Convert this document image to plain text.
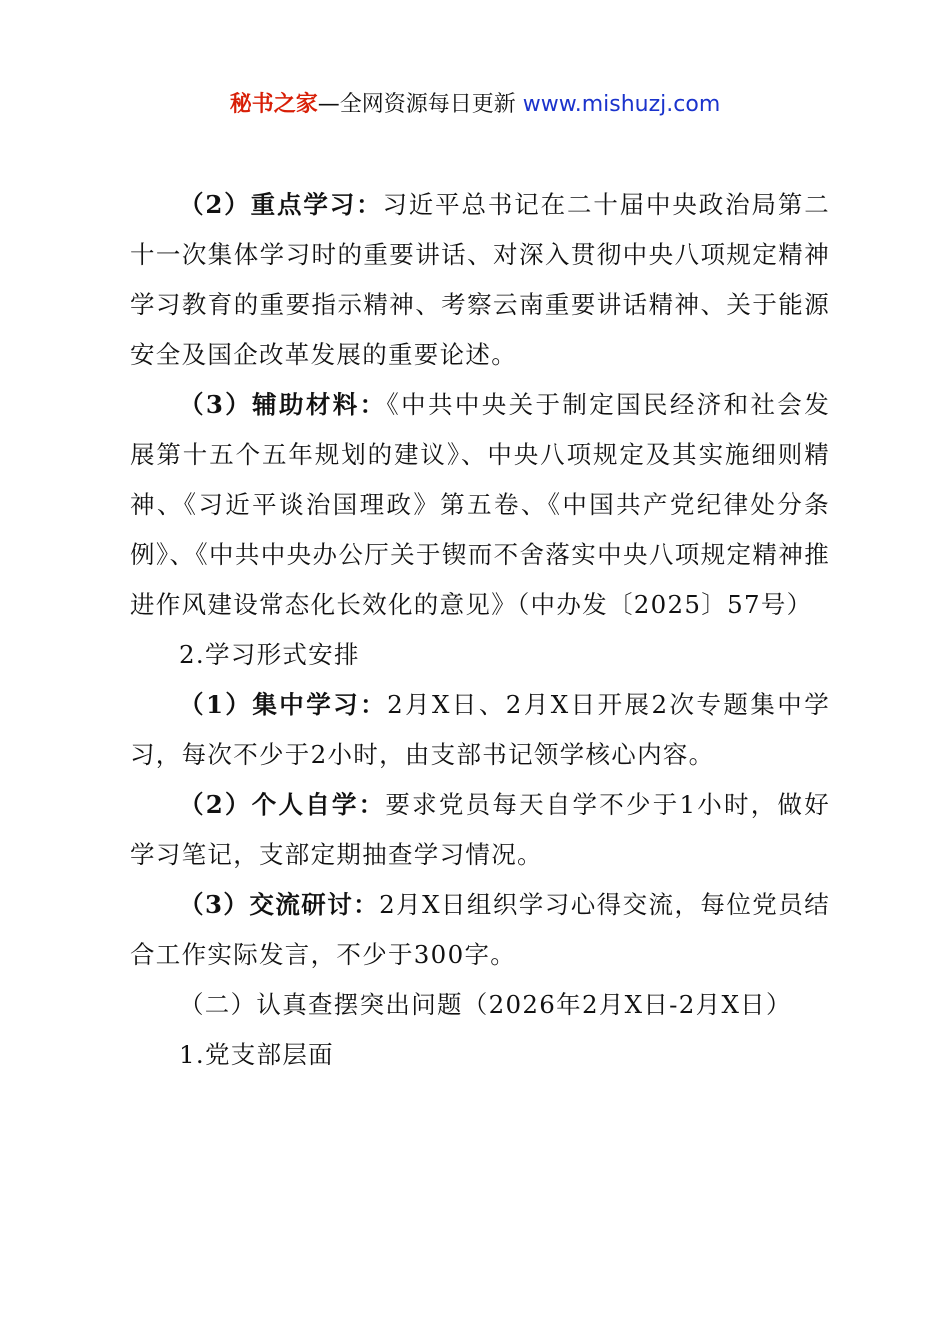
秘书之家—全网资源每日更新 www.mishuzj.com

（2）重点学习：习近平总书记在二十届中央政治局第二十一次集体学习时的重要讲话、对深入贯彻中央八项规定精神学习教育的重要指示精神、考察云南重要讲话精神、关于能源安全及国企改革发展的重要论述。

（3）辅助材料：《中共中央关于制定国民经济和社会发展第十五个五年规划的建议》、中央八项规定及其实施细则精神、《习近平谈治国理政》第五卷、《中国共产党纪律处分条例》、《中共中央办公厅关于锲而不舍落实中央八项规定精神推进作风建设常态化长效化的意见》（中办发〔2025〕57号）

2.学习形式安排

（1）集中学习：2月X日、2月X日开展2次专题集中学习，每次不少于2小时，由支部书记领学核心内容。

（2）个人自学：要求党员每天自学不少于1小时，做好学习笔记，支部定期抽查学习情况。

（3）交流研讨：2月X日组织学习心得交流，每位党员结合工作实际发言，不少于300字。

（二）认真查摆突出问题（2026年2月X日-2月X日）

1.党支部层面
